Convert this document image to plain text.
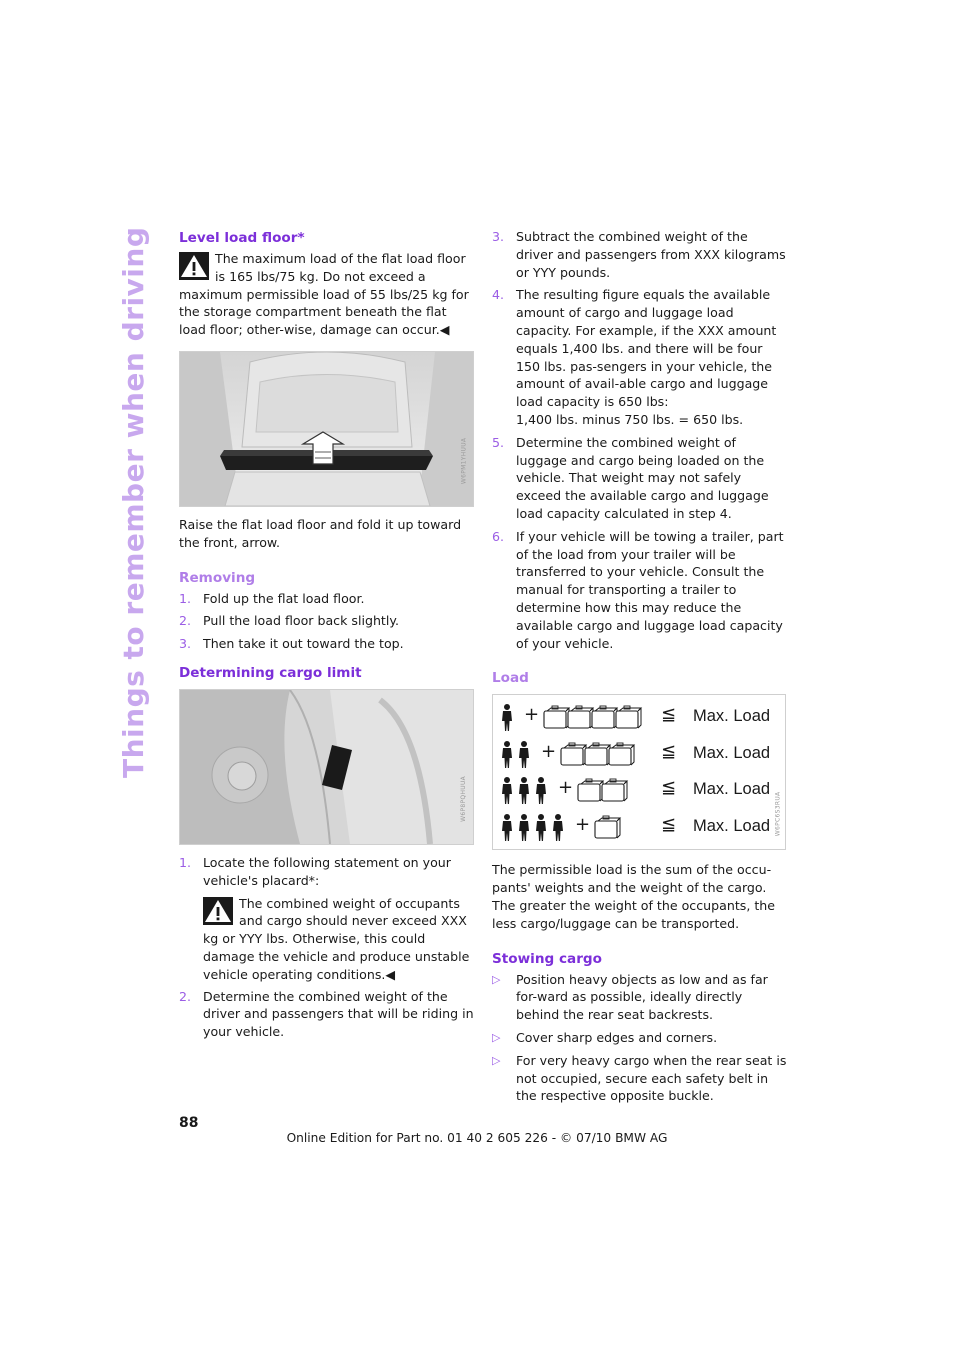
Things to remember when driving Level load floor*

The maximum load of the flat load floor is 165 lbs/75 kg. Do not exceed a maximum permissible load of 55 lbs/25 kg for the storage compartment beneath the flat load floor; other-wise, damage can occur.◀

W6PM1YHUUA

Raise the flat load floor and fold it up toward the front, arrow.

Removing
1. Fold up the flat load floor.
2. Pull the load floor back slightly.
3. Then take it out toward the top.
Determining cargo limit
W6P8PQHUUA
1. Locate the following statement on your vehicle's placard*:

The combined weight of occupants and cargo should never exceed XXX kg or YYY lbs. Otherwise, this could damage the vehicle and produce unstable vehicle operating conditions.◀

2. Determine the combined weight of the driver and passengers that will be riding in your vehicle.
3. Subtract the combined weight of the driver and passengers from XXX kilograms or YYY pounds.
4. The resulting figure equals the available amount of cargo and luggage load capacity. For example, if the XXX amount equals 1,400 lbs. and there will be four 150 lbs. pas-sengers in your vehicle, the amount of avail-able cargo and luggage load capacity is 650 lbs:
1,400 lbs. minus 750 lbs. = 650 lbs.
5. Determine the combined weight of luggage and cargo being loaded on the vehicle. That weight may not safely exceed the available cargo and luggage load capacity calculated in step 4.
6. If your vehicle will be towing a trailer, part of the load from your trailer will be transferred to your vehicle. Consult the manual for transporting a trailer to determine how this may reduce the available cargo and luggage load capacity of your vehicle.
Load
+	≦ Max. Load
+	≦ Max. Load
+	≦ Max. Load
+	≦ Max. Load W6PC6S3RUA

The permissible load is the sum of the occu-pants' weights and the weight of the cargo. The greater the weight of the occupants, the less cargo/luggage can be transported.

Stowing cargo
▷ Position heavy objects as low and as far for-ward as possible, ideally directly behind the rear seat backrests.
▷ Cover sharp edges and corners.
▷ For very heavy cargo when the rear seat is not occupied, secure each safety belt in the respective opposite buckle.
88
Online Edition for Part no. 01 40 2 605 226 - © 07/10 BMW AG
